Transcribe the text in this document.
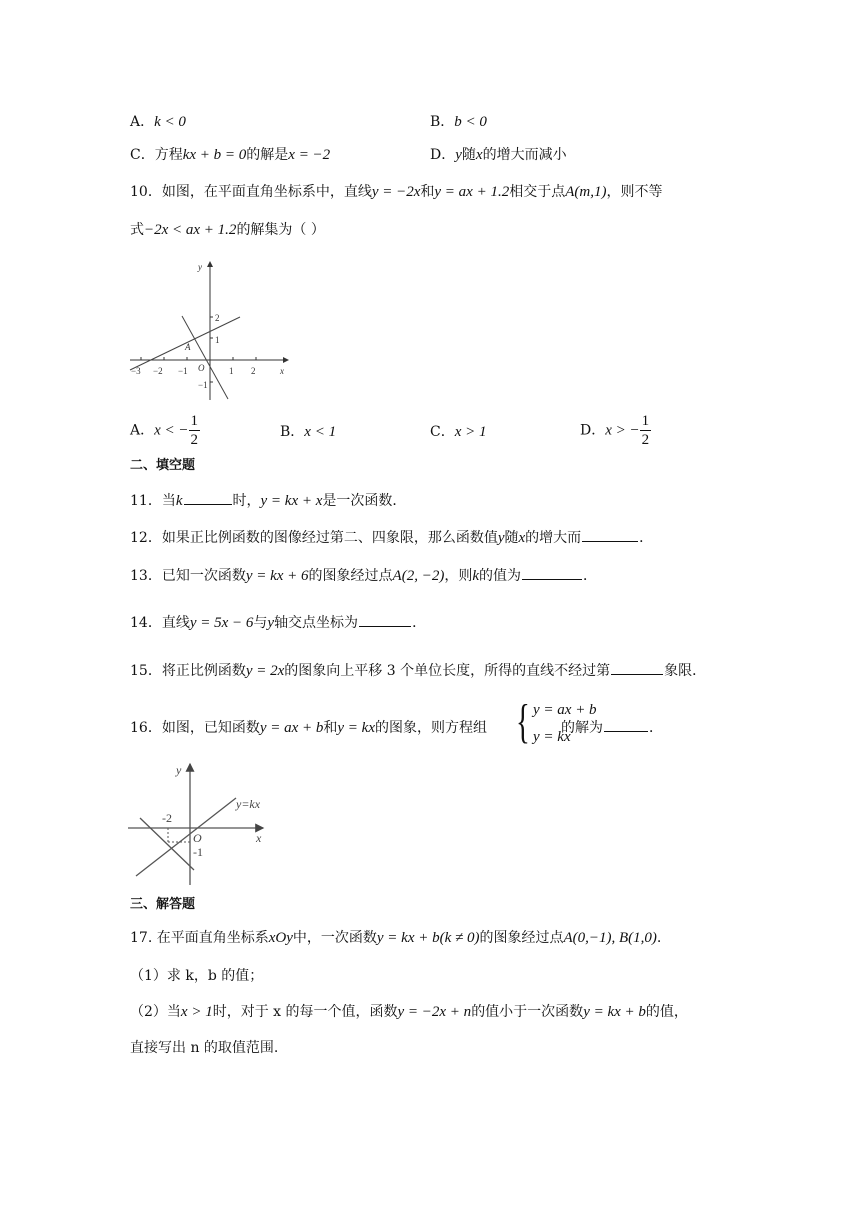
A．k < 0	B．b < 0
C．方程kx + b = 0的解是x = −2	D．y随x的增大而减小
10．如图，在平面直角坐标系中，直线y = −2x和y = ax + 1.2相交于点A(m,1)，则不等
式−2x < ax + 1.2的解集为（ ）
y
x
O
A
−3 −2 −1	1 2
2
1
−1
A．x < − $\frac{1}{2}$	B．x < 1	C．x > 1	D．x > − $\frac{1}{2}$
二、填空题
11．当k	时，y = kx + x是一次函数．
12．如果正比例函数的图像经过第二、四象限，那么函数值y随x的增大而	．
13．已知一次函数y = kx + 6的图象经过点A(2, −2)，则k的值为	．
14．直线y = 5x − 6与y轴交点坐标为	．
15．将正比例函数y = 2x的图象向上平移 3 个单位长度，所得的直线不经过第	象限．
16．如图，已知函数y = ax + b和y = kx的图象，则方程组	的解为	．
{ y = ax + b
y = kx
y
x
y=kx
O
-2
-1
三、解答题
17. 在平面直角坐标系xOy中，一次函数y = kx + b(k ≠ 0)的图象经过点A(0,−1), B(1,0).
（1）求 k，b 的值；
（2）当x > 1时，对于 x 的每一个值，函数y = −2x + n的值小于一次函数y = kx + b的值，
直接写出 n 的取值范围.
